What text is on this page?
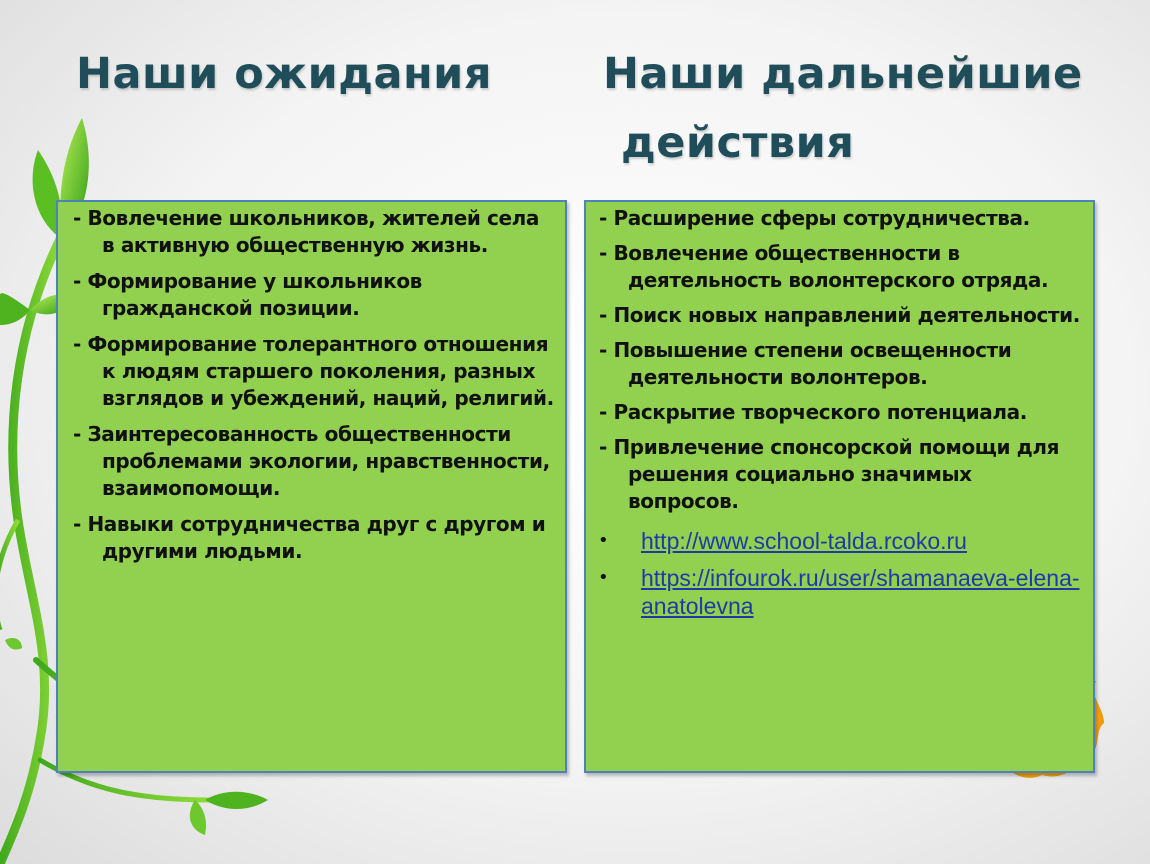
Наши ожидания	Наши дальнейшие
действия
- Вовлечение школьников, жителей села в активную общественную жизнь.
- Формирование у школьников гражданской позиции.
- Формирование толерантного отношения к людям старшего поколения, разных взглядов и убеждений, наций, религий.
- Заинтересованность общественности проблемами экологии, нравственности, взаимопомощи.
- Навыки сотрудничества друг с другом и другими людьми.
- Расширение сферы сотрудничества.
- Вовлечение общественности в деятельность волонтерского отряда.
- Поиск новых направлений деятельности.
- Повышение степени освещенности деятельности волонтеров.
- Раскрытие творческого потенциала.
- Привлечение спонсорской помощи для решения социально значимых вопросов.
• http://www.school-talda.rcoko.ru
• https://infourok.ru/user/shamanaeva-elena-anatolevna
